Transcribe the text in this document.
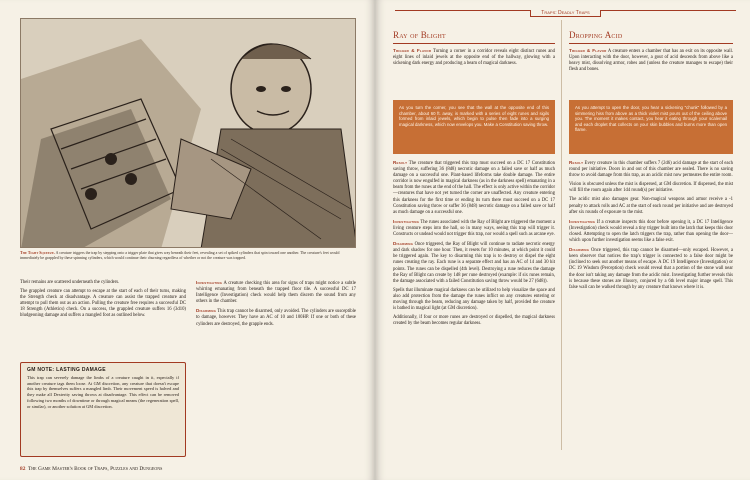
The Tight Squeeze. A creature triggers the trap by stepping onto a trigger plate that gives way beneath their feet, revealing a set of spiked cylinders that spin toward one another. The creature's feet would immediately be grappled by these spinning cylinders, which would continue their churning regardless of whether or not the creature was trapped.

Their remains are scattered underneath the cylinders.

The grappled creature can attempt to escape at the start of each of their turns, making the Strength check at disadvantage. A creature can assist the trapped creature and attempt to pull them out as an action. Pulling the creature free requires a successful DC 18 Strength (Athletics) check. On a success, the grappled creature suffers 16 (3d10) bludgeoning damage and suffers a mangled foot as outlined below.

Investigating A creature checking this area for signs of traps might notice a subtle whirring emanating from beneath the trapped floor tile. A successful DC 17 Intelligence (Investigation) check would help them discern the sound from any others in the chamber.

Disarming This trap cannot be disarmed, only avoided. The cylinders are susceptible to damage, however. They have an AC of 10 and 100HP. If one or both of these cylinders are destroyed, the grapple ends.

GM NOTE: LASTING DAMAGE

This trap can severely damage the limbs of a creature caught in it, especially if another creature tags them loose. At GM discretion, any creature that doesn't escape this trap by themselves suffers a mangled limb. Their movement speed is halved and they make all Dexterity saving throws at disadvantage. This effect can be removed following two months of downtime or through magical means (the regeneration spell, or similar), or another solution at GM discretion.

82 The Game Master's Book of Traps, Puzzles and Dungeons
Traps: Deadly Traps
Ray of Blight

Trigger & Flavor Turning a corner in a corridor reveals eight distinct runes and eight lines of inlaid jewels at the opposite end of the hallway, glowing with a sickening dark energy and producing a beam of magical darkness.

As you turn the corner, you see that the wall at the opposite end of this chamber, about 60 ft. away, is marked with a series of eight runes and sigils formed from inlaid jewels, which begin to pulse then fade into a surging magical darkness, which now envelops you. Make a Constitution saving throw.

Result The creature that triggered this trap must succeed on a DC 17 Constitution saving throw, suffering 36 (8d8) necrotic damage on a failed save or half as much damage on a successful one. Plant-based lifeforms take double damage. The entire corridor is now engulfed in magical darkness (as in the darkness spell) emanating in a beam from the runes at the end of the hall. The effect is only active within the corridor—creatures that have not yet turned the corner are unaffected. Any creature entering this darkness for the first time or ending its turn there must succeed on a DC 17 Constitution saving throw or suffer 36 (8d8) necrotic damage on a failed save or half as much damage on a successful one.

Investigating The runes associated with the Ray of Blight are triggered the moment a living creature steps into the hall, so in many ways, seeing this trap will trigger it. Constructs or undead would not trigger this trap, nor would a spell such as arcane eye.

Disarming Once triggered, the Ray of Blight will continue to radiate necrotic energy and dark shadow for one hour. Then, it resets for 10 minutes, at which point it could be triggered again. The key to disarming this trap is to destroy or dispel the eight runes creating the ray. Each rune is a separate effect and has an AC of 14 and 30 hit points. The runes can be dispelled (4th level). Destroying a rune reduces the damage the Ray of Blight can create by 1d8 per rune destroyed (example: if six runes remain, the damage associated with a failed Constitution saving throw would be 27 (6d8)).

Spells that illuminate magical darkness can be utilized to help visualize the space and also add protection from the damage the runes inflict on any creatures entering or moving through the beam, reducing any damage taken by half, provided the creature is bathed in magical light (at GM discretion).

Additionally, if four or more runes are destroyed or dispelled, the magical darkness created by the beam becomes regular darkness.

Dropping Acid

Trigger & Flavor A creature enters a chamber that has an exit on its opposite wall. Upon interacting with the door, however, a gout of acid descends from above like a heavy mist, dissolving armor, robes and (unless the creature manages to escape) their flesh and bones.

As you attempt to open the door, you hear a sickening "chunk" followed by a simmering hiss from above as a thick violet mist pours out of the ceiling above you. The moment it makes contact, you hear it eating through your scalemail and each droplet that collects on your skin bubbles and burns more than open flame.

Result Every creature in this chamber suffers 7 (2d6) acid damage at the start of each round per initiative. Doors in and out of this chamber are sealed. There is no saving throw to avoid damage from this trap, as an acidic mist now permeates the entire room.

Vision is obscured unless the mist is dispersed, at GM discretion. If dispersed, the mist will fill the room again after 1d4 round(s) per initiative.

The acidic mist also damages gear. Non-magical weapons and armor receive a -1 penalty to attack rolls and AC at the start of each round per initiative and are destroyed after six rounds of exposure to the mist.

Investigating If a creature inspects this door before opening it, a DC 17 Intelligence (Investigation) check would reveal a tiny trigger built into the latch that keeps this door closed. Attempting to open the latch triggers the trap, rather than opening the door—which upon further investigation seems like a false exit.

Disarming Once triggered, this trap cannot be disarmed—only escaped. However, a keen observer that notices the trap's trigger is connected to a false door might be (inclined to seek out another means of escape. A DC 19 Intelligence (Investigation) or DC 19 Wisdom (Perception) check would reveal that a portion of the stone wall near the door isn't taking any damage from the acidic mist. Investigating further reveals this is because these stones are illusory, conjured by a 6th level major image spell. This false wall can be walked through by any creature that knows where it is.
